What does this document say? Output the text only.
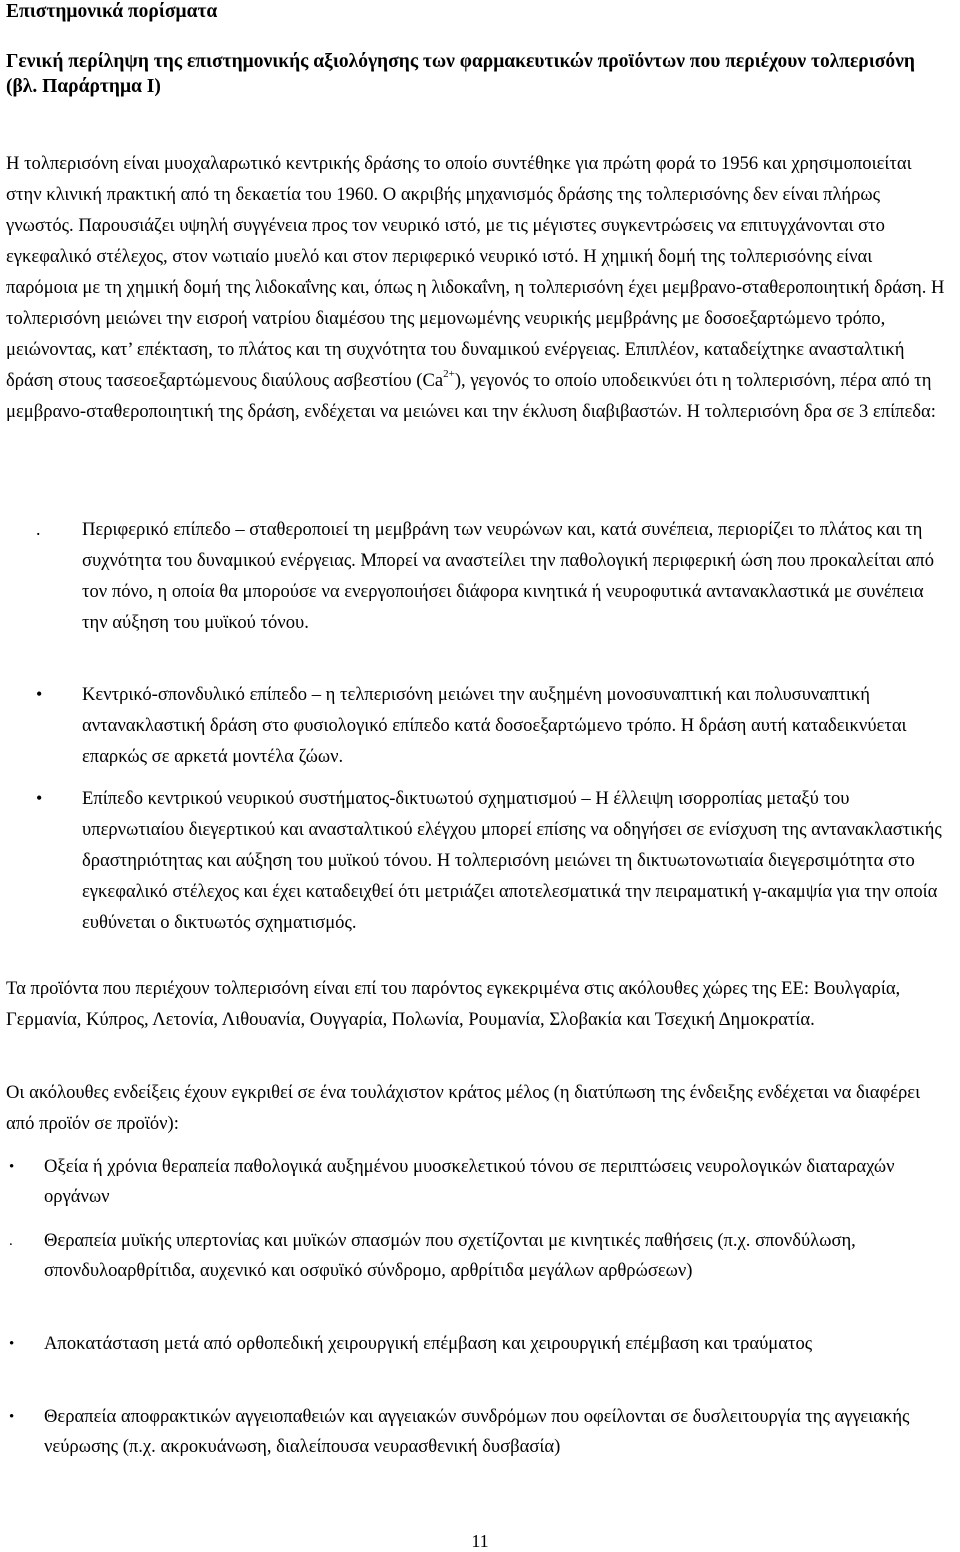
Επιστημονικά πορίσματα
Γενική περίληψη της επιστημονικής αξιολόγησης των φαρμακευτικών προϊόντων που περιέχουν τολπερισόνη (βλ. Παράρτημα I)
Η τολπερισόνη είναι μυοχαλαρωτικό κεντρικής δράσης το οποίο συντέθηκε για πρώτη φορά το 1956 και χρησιμοποιείται στην κλινική πρακτική από τη δεκαετία του 1960. Ο ακριβής μηχανισμός δράσης της τολπερισόνης δεν είναι πλήρως γνωστός. Παρουσιάζει υψηλή συγγένεια προς τον νευρικό ιστό, με τις μέγιστες συγκεντρώσεις να επιτυγχάνονται στο εγκεφαλικό στέλεχος, στον νωτιαίο μυελό και στον περιφερικό νευρικό ιστό. Η χημική δομή της τολπερισόνης είναι παρόμοια με τη χημική δομή της λιδοκαΐνης και, όπως η λιδοκαΐνη, η τολπερισόνη έχει μεμβρανο-σταθεροποιητική δράση. Η τολπερισόνη μειώνει την εισροή νατρίου διαμέσου της μεμονωμένης νευρικής μεμβράνης με δοσοεξαρτώμενο τρόπο, μειώνοντας, κατ’ επέκταση, το πλάτος και τη συχνότητα του δυναμικού ενέργειας. Επιπλέον, καταδείχτηκε ανασταλτική δράση στους τασεοεξαρτώμενους διαύλους ασβεστίου $(Ca^{2+})$, γεγονός το οποίο υποδεικνύει ότι η τολπερισόνη, πέρα από τη μεμβρανο-σταθεροποιητική της δράση, ενδέχεται να μειώνει και την έκλυση διαβιβαστών. Η τολπερισόνη δρα σε 3 επίπεδα:
. Περιφερικό επίπεδο – σταθεροποιεί τη μεμβράνη των νευρώνων και, κατά συνέπεια, περιορίζει το πλάτος και τη συχνότητα του δυναμικού ενέργειας. Μπορεί να αναστείλει την παθολογική περιφερική ώση που προκαλείται από τον πόνο, η οποία θα μπορούσε να ενεργοποιήσει διάφορα κινητικά ή νευροφυτικά αντανακλαστικά με συνέπεια την αύξηση του μυϊκού τόνου.
• Κεντρικό-σπονδυλικό επίπεδο – η τελπερισόνη μειώνει την αυξημένη μονοσυναπτική και πολυσυναπτική αντανακλαστική δράση στο φυσιολογικό επίπεδο κατά δοσοεξαρτώμενο τρόπο. Η δράση αυτή καταδεικνύεται επαρκώς σε αρκετά μοντέλα ζώων.
• Επίπεδο κεντρικού νευρικού συστήματος-δικτυωτού σχηματισμού – Η έλλειψη ισορροπίας μεταξύ του υπερνωτιαίου διεγερτικού και ανασταλτικού ελέγχου μπορεί επίσης να οδηγήσει σε ενίσχυση της αντανακλαστικής δραστηριότητας και αύξηση του μυϊκού τόνου. Η τολπερισόνη μειώνει τη δικτυωτονωτιαία διεγερσιμότητα στο εγκεφαλικό στέλεχος και έχει καταδειχθεί ότι μετριάζει αποτελεσματικά την πειραματική γ-ακαμψία για την οποία ευθύνεται ο δικτυωτός σχηματισμός.
Τα προϊόντα που περιέχουν τολπερισόνη είναι επί του παρόντος εγκεκριμένα στις ακόλουθες χώρες της ΕΕ: Βουλγαρία, Γερμανία, Κύπρος, Λετονία, Λιθουανία, Ουγγαρία, Πολωνία, Ρουμανία, Σλοβακία και Τσεχική Δημοκρατία.
Οι ακόλουθες ενδείξεις έχουν εγκριθεί σε ένα τουλάχιστον κράτος μέλος (η διατύπωση της ένδειξης ενδέχεται να διαφέρει από προϊόν σε προϊόν):
• Οξεία ή χρόνια θεραπεία παθολογικά αυξημένου μυοσκελετικού τόνου σε περιπτώσεις νευρολογικών διαταραχών οργάνων
. Θεραπεία μυϊκής υπερτονίας και μυϊκών σπασμών που σχετίζονται με κινητικές παθήσεις (π.χ. σπονδύλωση, σπονδυλοαρθρίτιδα, αυχενικό και οσφυϊκό σύνδρομο, αρθρίτιδα μεγάλων αρθρώσεων)
• Αποκατάσταση μετά από ορθοπεδική χειρουργική επέμβαση και χειρουργική επέμβαση και τραύματος
• Θεραπεία αποφρακτικών αγγειοπαθειών και αγγειακών συνδρόμων που οφείλονται σε δυσλειτουργία της αγγειακής νεύρωσης (π.χ. ακροκυάνωση, διαλείπουσα νευρασθενική δυσβασία)
11
